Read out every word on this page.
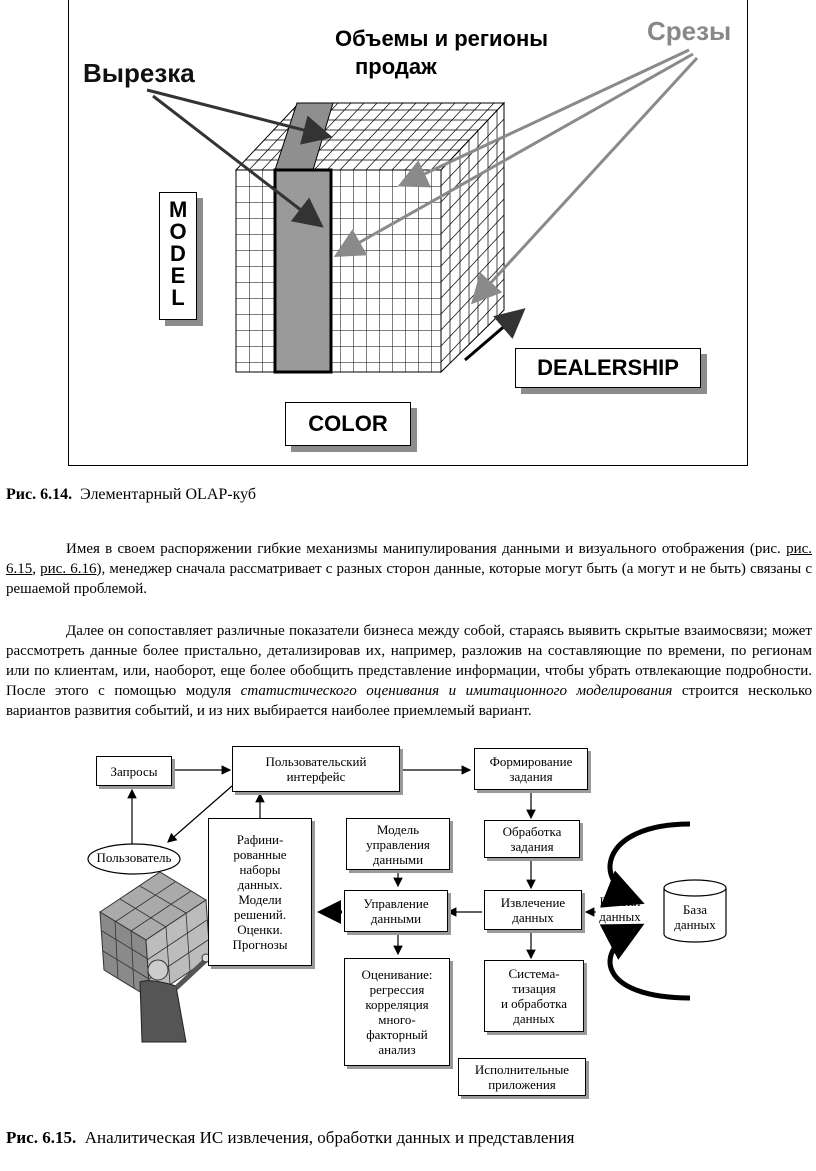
Объемы и регионы
продаж
Вырезка
Срезы
MODEL
COLOR
DEALERSHIP
Рис. 6.14. Элементарный OLAP-куб
Имея в своем распоряжении гибкие механизмы манипулирования данными и визуального отображения (рис. рис. 6.15, рис. 6.16), менеджер сначала рассматривает с разных сторон данные, которые могут быть (а могут и не быть) связаны с решаемой проблемой.
Далее он сопоставляет различные показатели бизнеса между собой, стараясь выявить скрытые взаимосвязи; может рассмотреть данные более пристально, детализировав их, например, разложив на составляющие по времени, по регионам или по клиентам, или, наоборот, еще более обобщить представление информации, чтобы убрать отвлекающие подробности. После этого с помощью модуля статистического оценивания и имитационного моделирования строится несколько вариантов развития событий, и из них выбирается наиболее приемлемый вариант.
Запросы
Пользовательский
интерфейс
Формирование
задания
Пользователь
Рафини-
рованные
наборы
данных.
Модели
решений.
Оценки.
Прогнозы
Модель
управления
данными
Обработка
задания
Управление
данными
Извлечение
данных
Потоки
данных	База
данных
Оценивание:
регрессия
корреляция
много-
факторный
анализ
Система-
тизация
и обработка
данных
Исполнительные
приложения
Рис. 6.15. Аналитическая ИС извлечения, обработки данных и представления
